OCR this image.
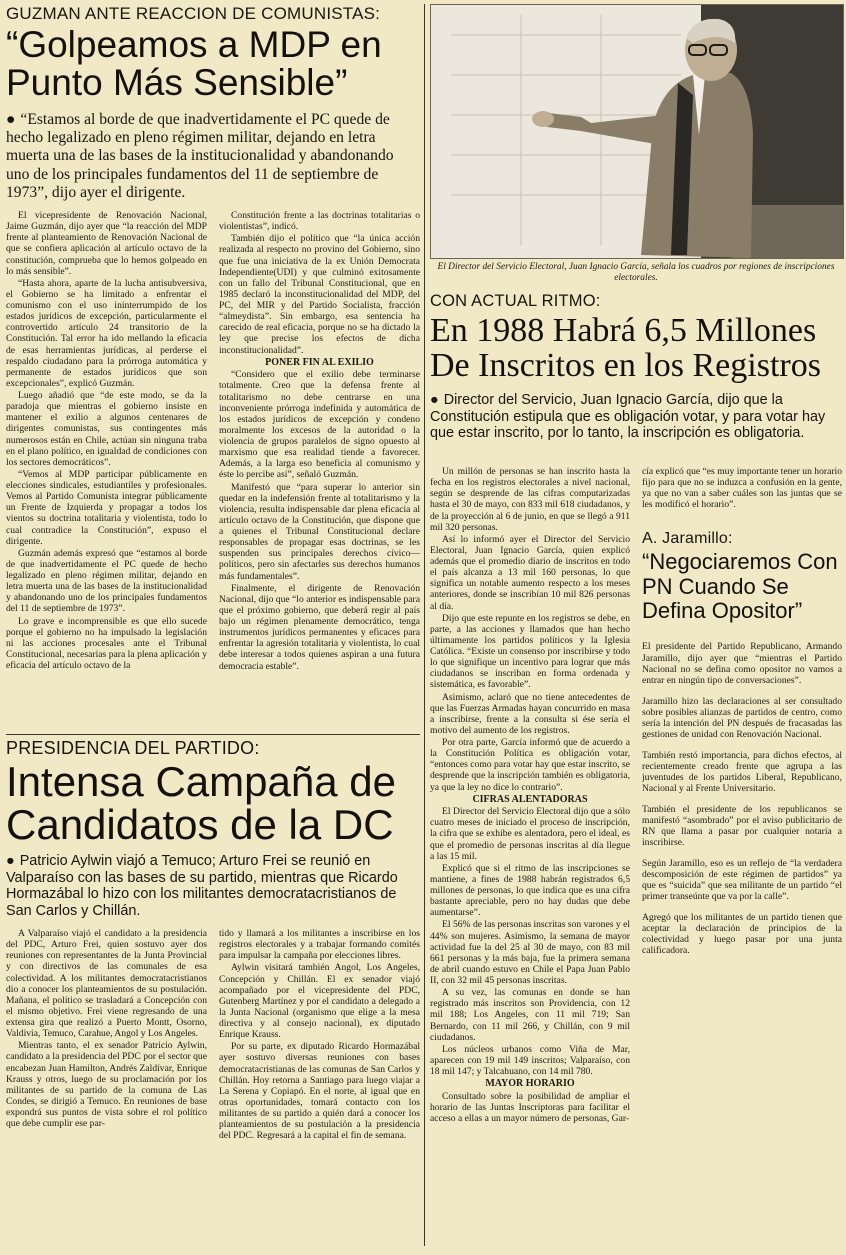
GUZMAN ANTE REACCION DE COMUNISTAS:
“Golpeamos a MDP en Punto Más Sensible”

● “Estamos al borde de que inadvertidamente el PC quede de hecho legalizado en pleno régimen militar, dejando en letra muerta una de las bases de la institucionalidad y abandonando uno de los principales fundamentos del 11 de septiembre de 1973”, dijo ayer el dirigente.

El vicepresidente de Renovación Nacional, Jaime Guzmán, dijo ayer que “la reacción del MDP frente al planteamiento de Renovación Nacional de que se confiera aplicación al artículo octavo de la constitución, comprueba que lo hemos golpeado en lo más sensible”.

“Hasta ahora, aparte de la lucha antisubversiva, el Gobierno se ha limitado a enfrentar el comunismo con el uso ininterrumpido de los estados jurídicos de excepción, particularmente el controvertido artículo 24 transitorio de la Constitución. Tal error ha ido mellando la eficacia de esas herramientas jurídicas, al perderse el respaldo ciudadano para la prórroga automática y permanente de estados jurídicos que son excepcionales”, explicó Guzmán.

Luego añadió que “de este modo, se da la paradoja que mientras el gobierno insiste en mantener el exilio a algunos centenares de dirigentes comunistas, sus contingentes más numerosos están en Chile, actúan sin ninguna traba en el plano político, en igualdad de condiciones con los sectores democráticos”.

“Vemos al MDP participar públicamente en elecciones sindicales, estudiantiles y profesionales. Vemos al Partido Comunista integrar públicamente un Frente de Izquierda y propagar a todos los vientos su doctrina totalitaria y violentista, todo lo cual contradice la Constitución”, expuso el dirigente.

Guzmán además expresó que “estamos al borde de que inadvertidamente el PC quede de hecho legalizado en pleno régimen militar, dejando en letra muerta una de las bases de la institucionalidad y abandonando uno de los principales fundamentos del 11 de septiembre de 1973”.

Lo grave e incomprensible es que ello sucede porque el gobierno no ha impulsado la legislación ni las acciones procesales ante el Tribunal Constitucional, necesarias para la plena aplicación y eficacia del artículo octavo de la

Constitución frente a las doctrinas totalitarias o violentistas”, indicó.

También dijo el político que “la única acción realizada al respecto no provino del Gobierno, sino que fue una iniciativa de la ex Unión Democrata Independiente(UDI) y que culminó exitosamente con un fallo del Tribunal Constitucional, que en 1985 declaró la inconstitucionalidad del MDP, del PC, del MIR y del Partido Socialista, fracción “almeydista”. Sin embargo, esa sentencia ha carecido de real eficacia, porque no se ha dictado la ley que precise los efectos de dicha inconstitucionalidad”.

PONER FIN AL EXILIO

“Considero que el exilio debe terminarse totalmente. Creo que la defensa frente al totalitarismo no debe centrarse en una inconveniente prórroga indefinida y automática de los estados jurídicos de excepción y condeno moralmente los excesos de la autoridad o la violencia de grupos paralelos de signo opuesto al marxismo que esa realidad tiende a favorecer. Además, a la larga eso beneficia al comunismo y éste lo percibe así”, señaló Guzmán.

Manifestó que “para superar lo anterior sin quedar en la indefensión frente al totalitarismo y la violencia, resulta indispensable dar plena eficacia al artículo octavo de la Constitución, que dispone que a quienes el Tribunal Constitucional declare responsables de propagar esas doctrinas, se les suspenden sus principales derechos cívico—políticos, pero sin afectarles sus derechos humanos más fundamentales”.

Finalmente, el dirigente de Renovación Nacional, dijo que “lo anterior es indispensable para que el próximo gobierno, que deberá regir al país bajo un régimen plenamente democrático, tenga instrumentos jurídicos permanentes y eficaces para enfrentar la agresión totalitaria y violentista, lo cual debe interesar a todos quienes aspiran a una futura democracia estable”.

El Director del Servicio Electoral, Juan Ignacio García, señala los cuadros por regiones de inscripciones electorales.
CON ACTUAL RITMO:
En 1988 Habrá 6,5 Millones De Inscritos en los Registros

● Director del Servicio, Juan Ignacio García, dijo que la Constitución estipula que es obligación votar, y para votar hay que estar inscrito, por lo tanto, la inscripción es obligatoria.

Un millón de personas se han inscrito hasta la fecha en los registros electorales a nivel nacional, según se desprende de las cifras computarizadas hasta el 30 de mayo, con 833 mil 618 ciudadanos, y de la proyección al 6 de junio, en que se llegó a 911 mil 320 personas.

Así lo informó ayer el Director del Servicio Electoral, Juan Ignacio García, quien explicó además que el promedio diario de inscritos en todo el país alcanza a 13 mil 160 personas, lo que significa un notable aumento respecto a los meses anteriores, donde se inscribían 10 mil 826 personas al día.

Dijo que este repunte en los registros se debe, en parte, a las acciones y llamados que han hecho últimamente los partidos políticos y la Iglesia Católica. “Existe un consenso por inscribirse y todo lo que signifique un incentivo para lograr que más ciudadanos se inscriban en forma ordenada y sistemática, es favorable”.

Asimismo, aclaró que no tiene antecedentes de que las Fuerzas Armadas hayan concurrido en masa a inscribirse, frente a la consulta si ése sería el motivo del aumento de los registros.

Por otra parte, García informó que de acuerdo a la Constitución Política es obligación votar, “entonces como para votar hay que estar inscrito, se desprende que la inscripción también es obligatoria, ya que la ley no dice lo contrario”.

CIFRAS ALENTADORAS

El Director del Servicio Electoral dijo que a sólo cuatro meses de iniciado el proceso de inscripción, la cifra que se exhibe es alentadora, pero el ideal, es que el promedio de personas inscritas al día llegue a las 15 mil.

Explicó que si el ritmo de las inscripciones se mantiene, a fines de 1988 habrán registrados 6,5 millones de personas, lo que indica que es una cifra bastante apreciable, pero no hay dudas que debe aumentarse”.

El 56% de las personas inscritas son varones y el 44% son mujeres. Asimismo, la semana de mayor actividad fue la del 25 al 30 de mayo, con 83 mil 661 personas y la más baja, fue la primera semana de abril cuando estuvo en Chile el Papa Juan Pablo II, con 32 mil 45 personas inscritas.

A su vez, las comunas en donde se han registrado más inscritos son Providencia, con 12 mil 188; Los Angeles, con 11 mil 719; San Bernardo, con 11 mil 266, y Chillán, con 9 mil ciudadanos.

Los núcleos urbanos como Viña de Mar, aparecen con 19 mil 149 inscritos; Valparaíso, con 18 mil 147; y Talcahuano, con 14 mil 780.

MAYOR HORARIO

Consultado sobre la posibilidad de ampliar el horario de las Juntas Inscriptoras para facilitar el acceso a ellas a un mayor número de personas, Gar-

cía explicó que “es muy importante tener un horario fijo para que no se induzca a confusión en la gente, ya que no van a saber cuáles son las juntas que se les modificó el horario”.

A. Jaramillo:
“Negociaremos Con PN Cuando Se Defina Opositor”

El presidente del Partido Republicano, Armando Jaramillo, dijo ayer que “mientras el Partido Nacional no se defina como opositor no vamos a entrar en ningún tipo de conversaciones”.

Jaramillo hizo las declaraciones al ser consultado sobre posibles alianzas de partidos de centro, como sería la intención del PN después de fracasadas las gestiones de unidad con Renovación Nacional.

También restó importancia, para dichos efectos, al recientemente creado frente que agrupa a las juventudes de los partidos Liberal, Republicano, Nacional y al Frente Universitario.

También el presidente de los republicanos se manifestó “asombrado” por el aviso publicitario de RN que llama a pasar por cualquier notaría a inscribirse.

Según Jaramillo, eso es un reflejo de “la verdadera descomposición de este régimen de partidos” ya que es “suicida” que sea militante de un partido “el primer transeúnte que va por la calle”.

Agregó que los militantes de un partido tienen que aceptar la declaración de principios de la colectividad y luego pasar por una junta calificadora.

PRESIDENCIA DEL PARTIDO:
Intensa Campaña de Candidatos de la DC

● Patricio Aylwin viajó a Temuco; Arturo Frei se reunió en Valparaíso con las bases de su partido, mientras que Ricardo Hormazábal lo hizo con los militantes democratacristianos de San Carlos y Chillán.

A Valparaíso viajó el candidato a la presidencia del PDC, Arturo Frei, quien sostuvo ayer dos reuniones con representantes de la Junta Provincial y con directivos de las comunales de esa colectividad. A los militantes democratacristianos dio a conocer los planteamientos de su postulación. Mañana, el político se trasladará a Concepción con el mismo objetivo. Frei viene regresando de una extensa gira que realizó a Puerto Montt, Osorno, Valdivia, Temuco, Carahue, Angol y Los Angeles.

Mientras tanto, el ex senador Patricio Aylwin, candidato a la presidencia del PDC por el sector que encabezan Juan Hamilton, Andrés Zaldívar, Enrique Krauss y otros, luego de su proclamación por los militantes de su partido de la comuna de Las Condes, se dirigió a Temuco. En reuniones de base expondrá sus puntos de vista sobre el rol político que debe cumplir ese par-

tido y llamará a los militantes a inscribirse en los registros electorales y a trabajar formando comités para impulsar la campaña por elecciones libres.

Aylwin visitará también Angol, Los Angeles, Concepción y Chillán. El ex senador viajó acompañado por el vicepresidente del PDC, Gutenberg Martínez y por el candidato a delegado a la Junta Nacional (organismo que elige a la mesa directiva y al consejo nacional), ex diputado Enrique Krauss.

Por su parte, ex diputado Ricardo Hormazábal ayer sostuvo diversas reuniones con bases democratacristianas de las comunas de San Carlos y Chillán. Hoy retorna a Santiago para luego viajar a La Serena y Copiapó. En el norte, al igual que en otras oportunidades, tomará contacto con los militantes de su partido a quién dará a conocer los planteamientos de su postulación a la presidencia del PDC. Regresará a la capital el fin de semana.
